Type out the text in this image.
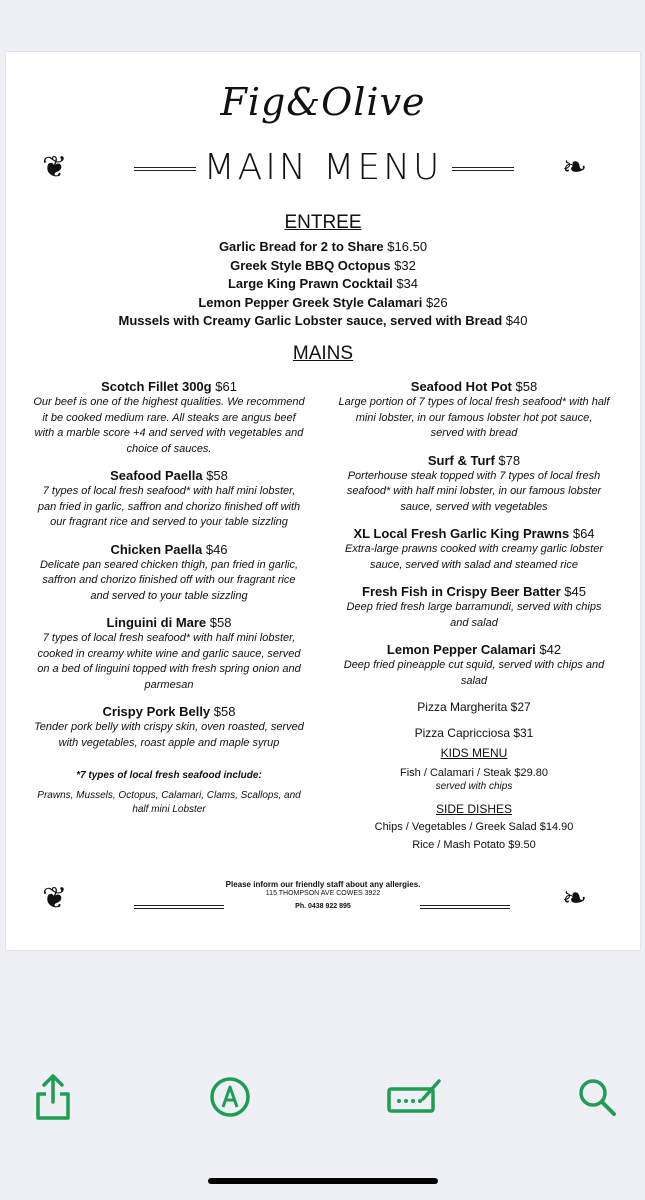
Fig&Olive
❦	MAIN MENU	❧
ENTREE
Garlic Bread for 2 to Share $16.50
Greek Style BBQ Octopus $32
Large King Prawn Cocktail $34
Lemon Pepper Greek Style Calamari $26
Mussels with Creamy Garlic Lobster sauce, served with Bread $40
MAINS
Scotch Fillet 300g $61
Our beef is one of the highest qualities. We recommend it be cooked medium rare. All steaks are angus beef with a marble score +4 and served with vegetables and choice of sauces.
Seafood Paella $58
7 types of local fresh seafood* with half mini lobster, pan fried in garlic, saffron and chorizo finished off with our fragrant rice and served to your table sizzling
Chicken Paella $46
Delicate pan seared chicken thigh, pan fried in garlic, saffron and chorizo finished off with our fragrant rice and served to your table sizzling
Linguini di Mare $58
7 types of local fresh seafood* with half mini lobster, cooked in creamy white wine and garlic sauce, served on a bed of linguini topped with fresh spring onion and parmesan
Crispy Pork Belly $58
Tender pork belly with crispy skin, oven roasted, served with vegetables, roast apple and maple syrup
*7 types of local fresh seafood include:
Prawns, Mussels, Octopus, Calamari, Clams, Scallops, and half mini Lobster
Seafood Hot Pot $58
Large portion of 7 types of local fresh seafood* with half mini lobster, in our famous lobster hot pot sauce, served with bread
Surf & Turf $78
Porterhouse steak topped with 7 types of local fresh seafood* with half mini lobster, in our famous lobster sauce, served with vegetables
XL Local Fresh Garlic King Prawns $64
Extra-large prawns cooked with creamy garlic lobster sauce, served with salad and steamed rice
Fresh Fish in Crispy Beer Batter $45
Deep fried fresh large barramundi, served with chips and salad
Lemon Pepper Calamari $42
Deep fried pineapple cut squid, served with chips and salad
Pizza Margherita $27
Pizza Capricciosa $31
KIDS MENU
Fish / Calamari / Steak $29.80
served with chips
SIDE DISHES
Chips / Vegetables / Greek Salad $14.90
Rice / Mash Potato $9.50
❦	Please inform our friendly staff about any allergies.
115 THOMPSON AVE COWES 3922
Ph. 0438 922 895	❧
